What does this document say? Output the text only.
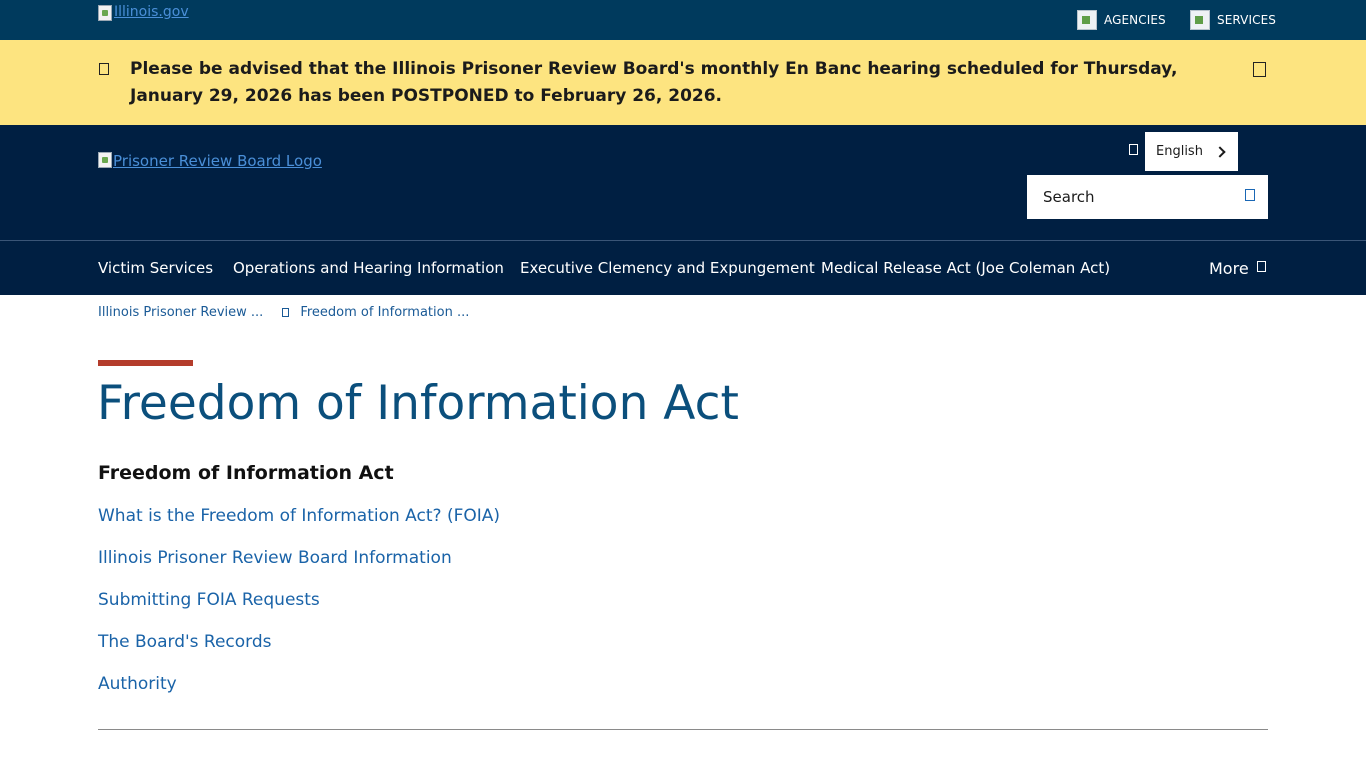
Illinois.gov	AGENCIES	SERVICES
Please be advised that the Illinois Prisoner Review Board's monthly En Banc hearing scheduled for Thursday, January 29, 2026 has been POSTPONED to February 26, 2026.
Prisoner Review Board Logo
English
Search
Victim Services Operations and Hearing Information Executive Clemency and Expungement Medical Release Act (Joe Coleman Act)	More
Illinois Prisoner Review ...	Freedom of Information ...
Freedom of Information Act
Freedom of Information Act
What is the Freedom of Information Act? (FOIA)
Illinois Prisoner Review Board Information
Submitting FOIA Requests
The Board's Records
Authority
